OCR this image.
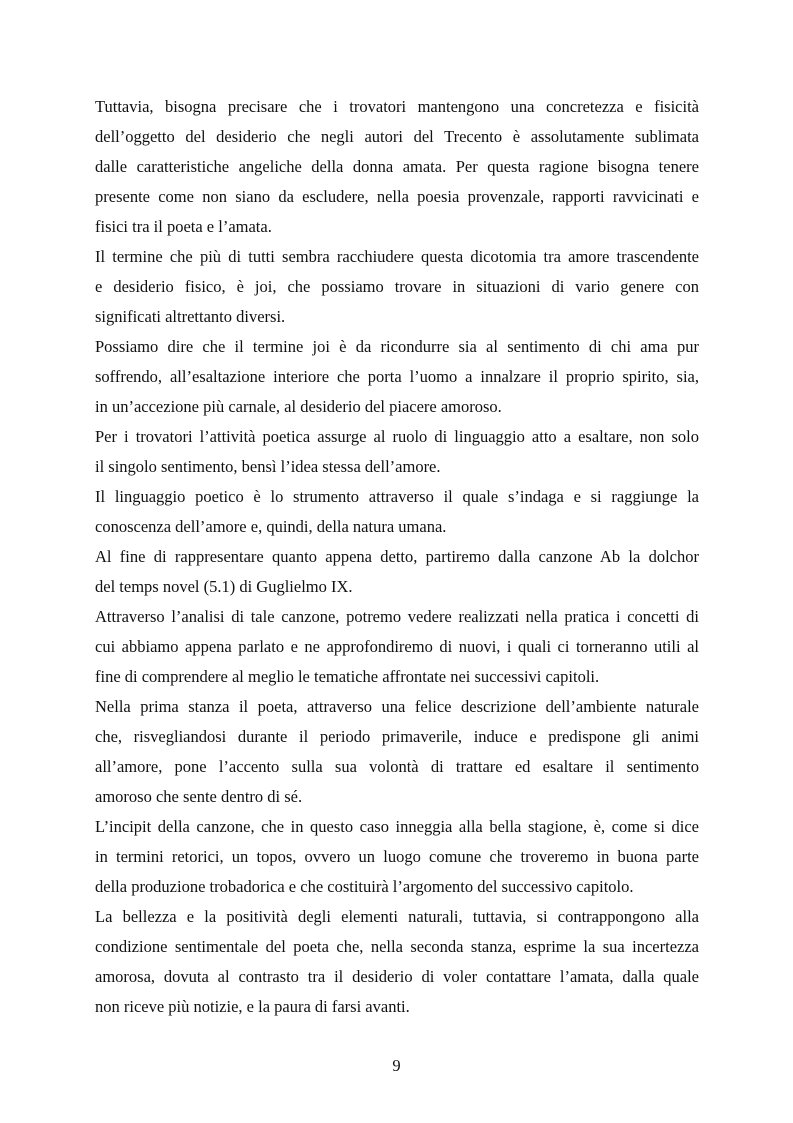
Tuttavia, bisogna precisare che i trovatori mantengono una concretezza e fisicità
dell’oggetto del desiderio che negli autori del Trecento è assolutamente sublimata
dalle caratteristiche angeliche della donna amata. Per questa ragione bisogna tenere
presente come non siano da escludere, nella poesia provenzale, rapporti ravvicinati e
fisici tra il poeta e l’amata.
Il termine che più di tutti sembra racchiudere questa dicotomia tra amore trascendente
e desiderio fisico, è joi, che possiamo trovare in situazioni di vario genere con
significati altrettanto diversi.
Possiamo dire che il termine joi è da ricondurre sia al sentimento di chi ama pur
soffrendo, all’esaltazione interiore che porta l’uomo a innalzare il proprio spirito, sia,
in un’accezione più carnale, al desiderio del piacere amoroso.
Per i trovatori l’attività poetica assurge al ruolo di linguaggio atto a esaltare, non solo
il singolo sentimento, bensì l’idea stessa dell’amore.
Il linguaggio poetico è lo strumento attraverso il quale s’indaga e si raggiunge la
conoscenza dell’amore e, quindi, della natura umana.
Al fine di rappresentare quanto appena detto, partiremo dalla canzone Ab la dolchor
del temps novel (5.1) di Guglielmo IX.
Attraverso l’analisi di tale canzone, potremo vedere realizzati nella pratica i concetti di
cui abbiamo appena parlato e ne approfondiremo di nuovi, i quali ci torneranno utili al
fine di comprendere al meglio le tematiche affrontate nei successivi capitoli.
Nella prima stanza il poeta, attraverso una felice descrizione dell’ambiente naturale
che, risvegliandosi durante il periodo primaverile, induce e predispone gli animi
all’amore, pone l’accento sulla sua volontà di trattare ed esaltare il sentimento
amoroso che sente dentro di sé.
L’incipit della canzone, che in questo caso inneggia alla bella stagione, è, come si dice
in termini retorici, un topos, ovvero un luogo comune che troveremo in buona parte
della produzione trobadorica e che costituirà l’argomento del successivo capitolo.
La bellezza e la positività degli elementi naturali, tuttavia, si contrappongono alla
condizione sentimentale del poeta che, nella seconda stanza, esprime la sua incertezza
amorosa, dovuta al contrasto tra il desiderio di voler contattare l’amata, dalla quale
non riceve più notizie, e la paura di farsi avanti.
9
